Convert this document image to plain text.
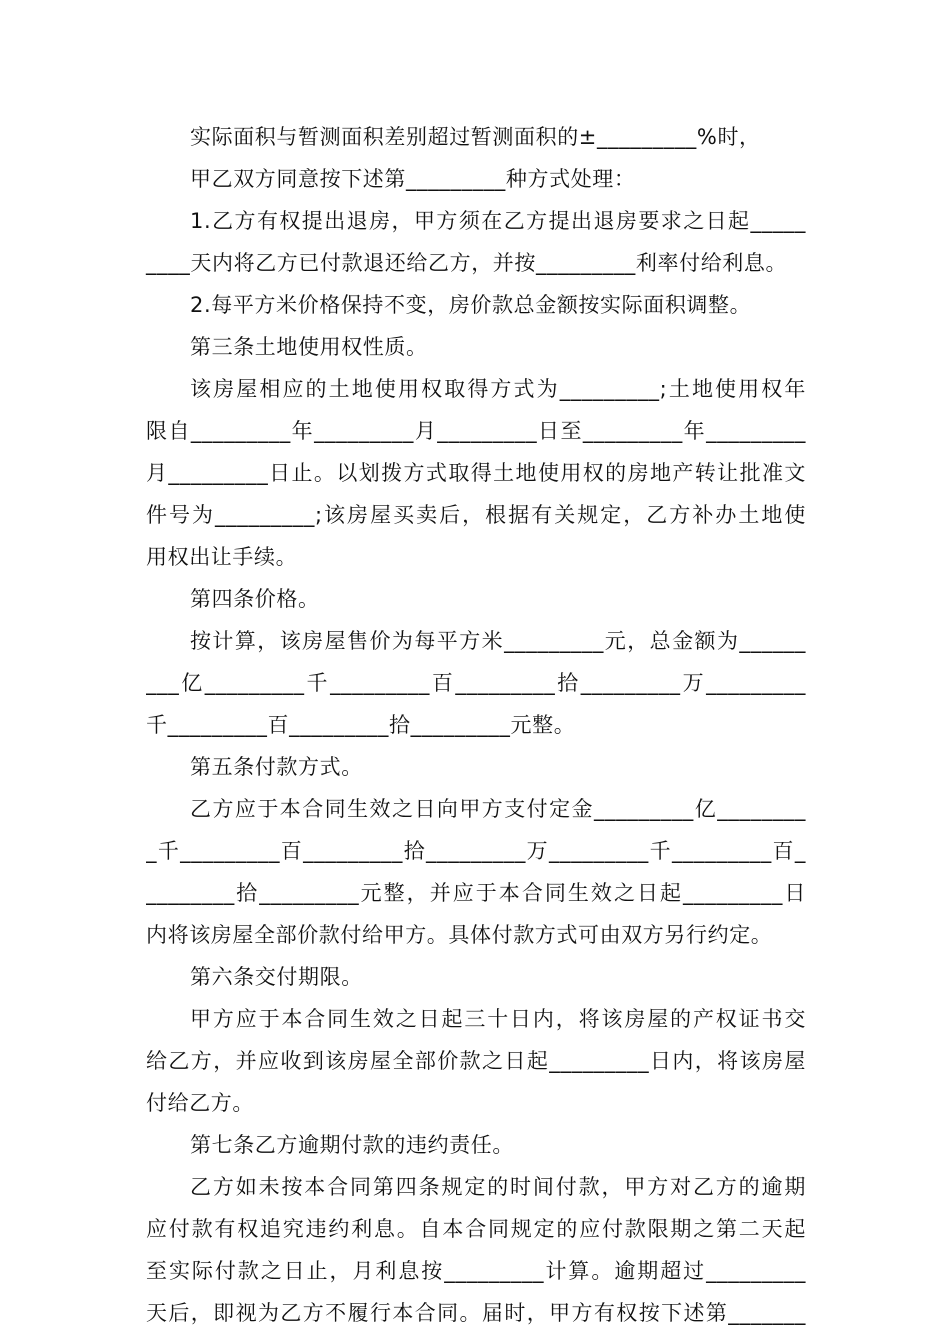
实际面积与暂测面积差别超过暂测面积的±_________%时，
甲乙双方同意按下述第_________种方式处理：
1.乙方有权提出退房，甲方须在乙方提出退房要求之日起_____
____天内将乙方已付款退还给乙方，并按_________利率付给利息。
2.每平方米价格保持不变，房价款总金额按实际面积调整。
第三条土地使用权性质。
该房屋相应的土地使用权取得方式为_________;土地使用权年
限自_________年_________月_________日至_________年_________
月_________日止。以划拨方式取得土地使用权的房地产转让批准文
件号为_________;该房屋买卖后，根据有关规定，乙方补办土地使
用权出让手续。
第四条价格。
按计算，该房屋售价为每平方米_________元，总金额为______
___亿_________千_________百_________拾_________万_________
千_________百_________拾_________元整。
第五条付款方式。
乙方应于本合同生效之日向甲方支付定金_________亿________
_千_________百_________拾_________万_________千_________百_
________拾_________元整，并应于本合同生效之日起_________日
内将该房屋全部价款付给甲方。具体付款方式可由双方另行约定。
第六条交付期限。
甲方应于本合同生效之日起三十日内，将该房屋的产权证书交
给乙方，并应收到该房屋全部价款之日起_________日内，将该房屋
付给乙方。
第七条乙方逾期付款的违约责任。
乙方如未按本合同第四条规定的时间付款，甲方对乙方的逾期
应付款有权追究违约利息。自本合同规定的应付款限期之第二天起
至实际付款之日止，月利息按_________计算。逾期超过_________
天后，即视为乙方不履行本合同。届时，甲方有权按下述第_______
